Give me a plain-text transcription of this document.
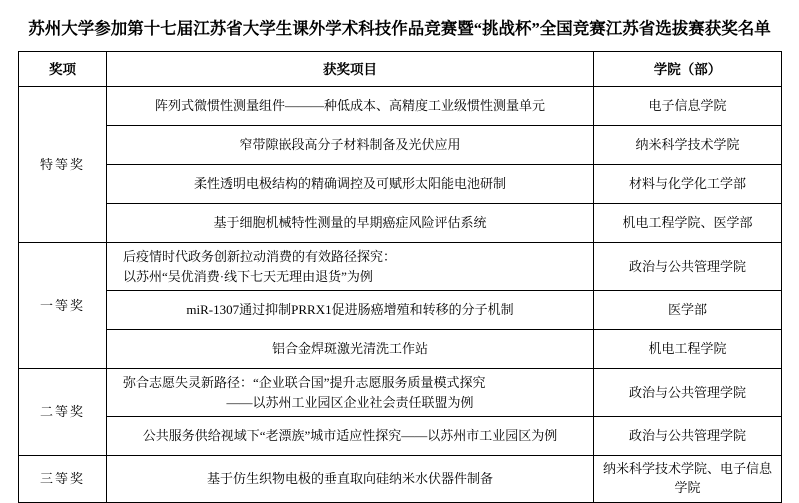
苏州大学参加第十七届江苏省大学生课外学术科技作品竞赛暨“挑战杯”全国竞赛江苏省选拔赛获奖名单
奖项	获奖项目	学院（部）
特等奖	阵列式微惯性测量组件———种低成本、高精度工业级惯性测量单元	电子信息学院
	窄带隙嵌段高分子材料制备及光伏应用	纳米科学技术学院
	柔性透明电极结构的精确调控及可赋形太阳能电池研制	材料与化学化工学部
	基于细胞机械特性测量的早期癌症风险评估系统	机电工程学院、医学部
一等奖	后疫情时代政务创新拉动消费的有效路径探究：
以苏州“吴优消费·线下七天无理由退货”为例	政治与公共管理学院
	miR-1307通过抑制PRRX1促进肠癌增殖和转移的分子机制	医学部
	铝合金焊斑激光清洗工作站	机电工程学院
二等奖	弥合志愿失灵新路径：“企业联合国”提升志愿服务质量模式探究
——以苏州工业园区企业社会责任联盟为例	政治与公共管理学院
	公共服务供给视域下“老漂族”城市适应性探究——以苏州市工业园区为例	政治与公共管理学院
三等奖	基于仿生织物电极的垂直取向硅纳米水伏器件制备	纳米科学技术学院、电子信息学院
